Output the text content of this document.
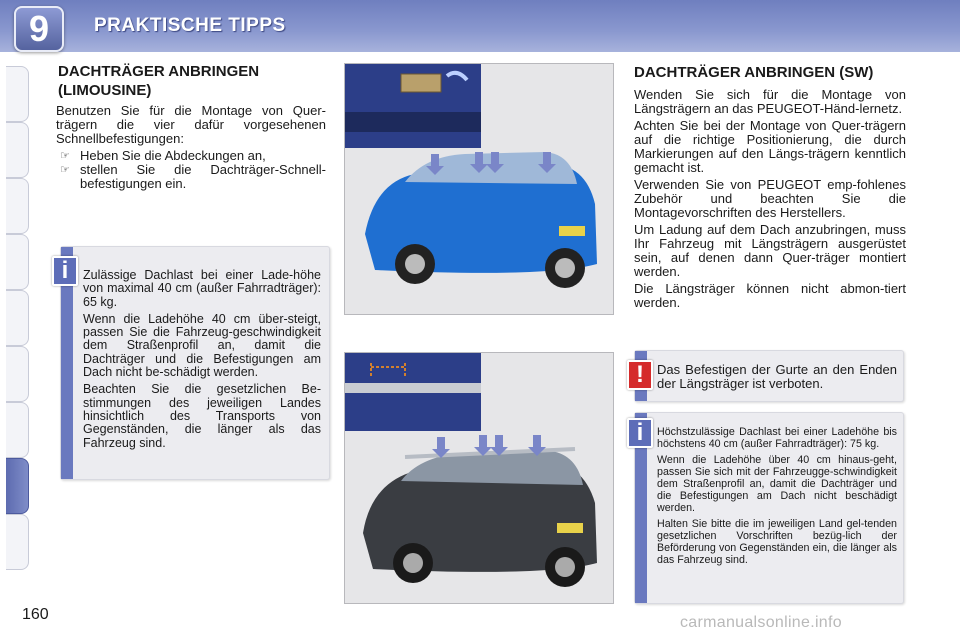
9	PRAKTISCHE TIPPS
DACHTRÄGER ANBRINGEN
(LIMOUSINE)

Benutzen Sie für die Montage von Quer-trägern die vier dafür vorgesehenen Schnellbefestigungen:

☞ Heben Sie die Abdeckungen an,
☞ stellen Sie die Dachträger-Schnell-befestigungen ein.

Zulässige Dachlast bei einer Lade-höhe von maximal 40 cm (außer Fahrradträger): 65 kg.

Wenn die Ladehöhe 40 cm über-steigt, passen Sie die Fahrzeug-geschwindigkeit dem Straßenprofil an, damit die Dachträger und die Befestigungen am Dach nicht be-schädigt werden.

Beachten Sie die gesetzlichen Be-stimmungen des jeweiligen Landes hinsichtlich des Transports von Gegenständen, die länger als das Fahrzeug sind.

i
DACHTRÄGER ANBRINGEN (SW)

Wenden Sie sich für die Montage von Längsträgern an das PEUGEOT-Händ-lernetz.

Achten Sie bei der Montage von Quer-trägern auf die richtige Positionierung, die durch Markierungen auf den Längs-trägern kenntlich gemacht ist.

Verwenden Sie von PEUGEOT emp-fohlenes Zubehör und beachten Sie die Montagevorschriften des Herstellers.

Um Ladung auf dem Dach anzubringen, muss Ihr Fahrzeug mit Längsträgern ausgerüstet sein, auf denen dann Quer-träger montiert werden.

Die Längsträger können nicht abmon-tiert werden.

Das Befestigen der Gurte an den Enden der Längsträger ist verboten.
!

Höchstzulässige Dachlast bei einer Ladehöhe bis höchstens 40 cm (außer Fahrradträger): 75 kg.

Wenn die Ladehöhe über 40 cm hinaus-geht, passen Sie sich mit der Fahrzeugge-schwindigkeit dem Straßenprofil an, damit die Dachträger und die Befestigungen am Dach nicht beschädigt werden.

Halten Sie bitte die im jeweiligen Land gel-tenden gesetzlichen Vorschriften bezüg-lich der Beförderung von Gegenständen ein, die länger als das Fahrzeug sind.

i
160	carmanualsonline.info
